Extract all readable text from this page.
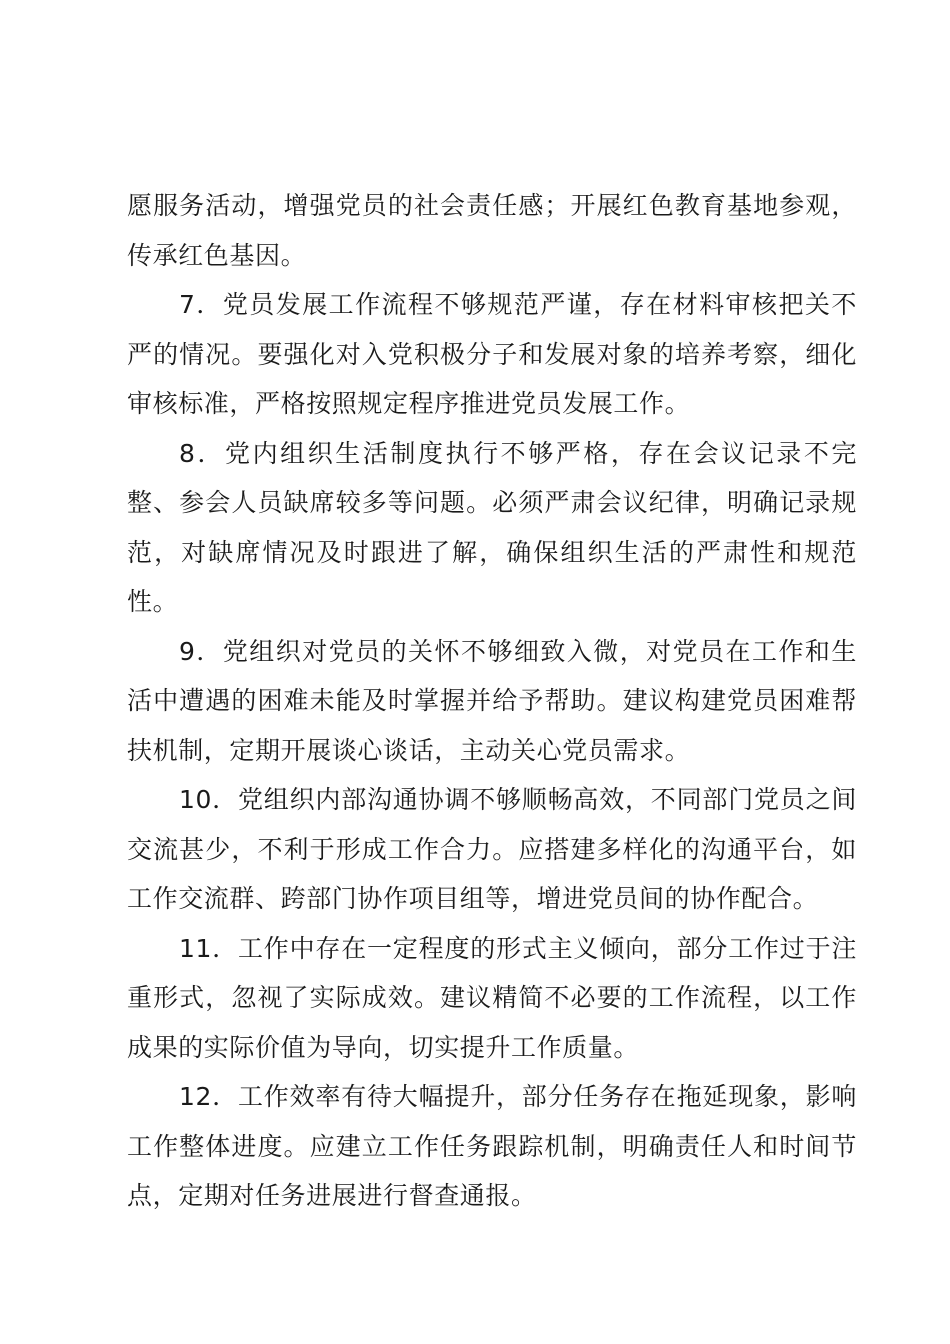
愿服务活动，增强党员的社会责任感；开展红色教育基地参观，传承红色基因。

7．党员发展工作流程不够规范严谨，存在材料审核把关不严的情况。要强化对入党积极分子和发展对象的培养考察，细化审核标准，严格按照规定程序推进党员发展工作。

8．党内组织生活制度执行不够严格，存在会议记录不完整、参会人员缺席较多等问题。必须严肃会议纪律，明确记录规范，对缺席情况及时跟进了解，确保组织生活的严肃性和规范性。

9．党组织对党员的关怀不够细致入微，对党员在工作和生活中遭遇的困难未能及时掌握并给予帮助。建议构建党员困难帮扶机制，定期开展谈心谈话，主动关心党员需求。

10．党组织内部沟通协调不够顺畅高效，不同部门党员之间交流甚少，不利于形成工作合力。应搭建多样化的沟通平台，如工作交流群、跨部门协作项目组等，增进党员间的协作配合。

11．工作中存在一定程度的形式主义倾向，部分工作过于注重形式，忽视了实际成效。建议精简不必要的工作流程，以工作成果的实际价值为导向，切实提升工作质量。

12．工作效率有待大幅提升，部分任务存在拖延现象，影响工作整体进度。应建立工作任务跟踪机制，明确责任人和时间节点，定期对任务进展进行督查通报。
